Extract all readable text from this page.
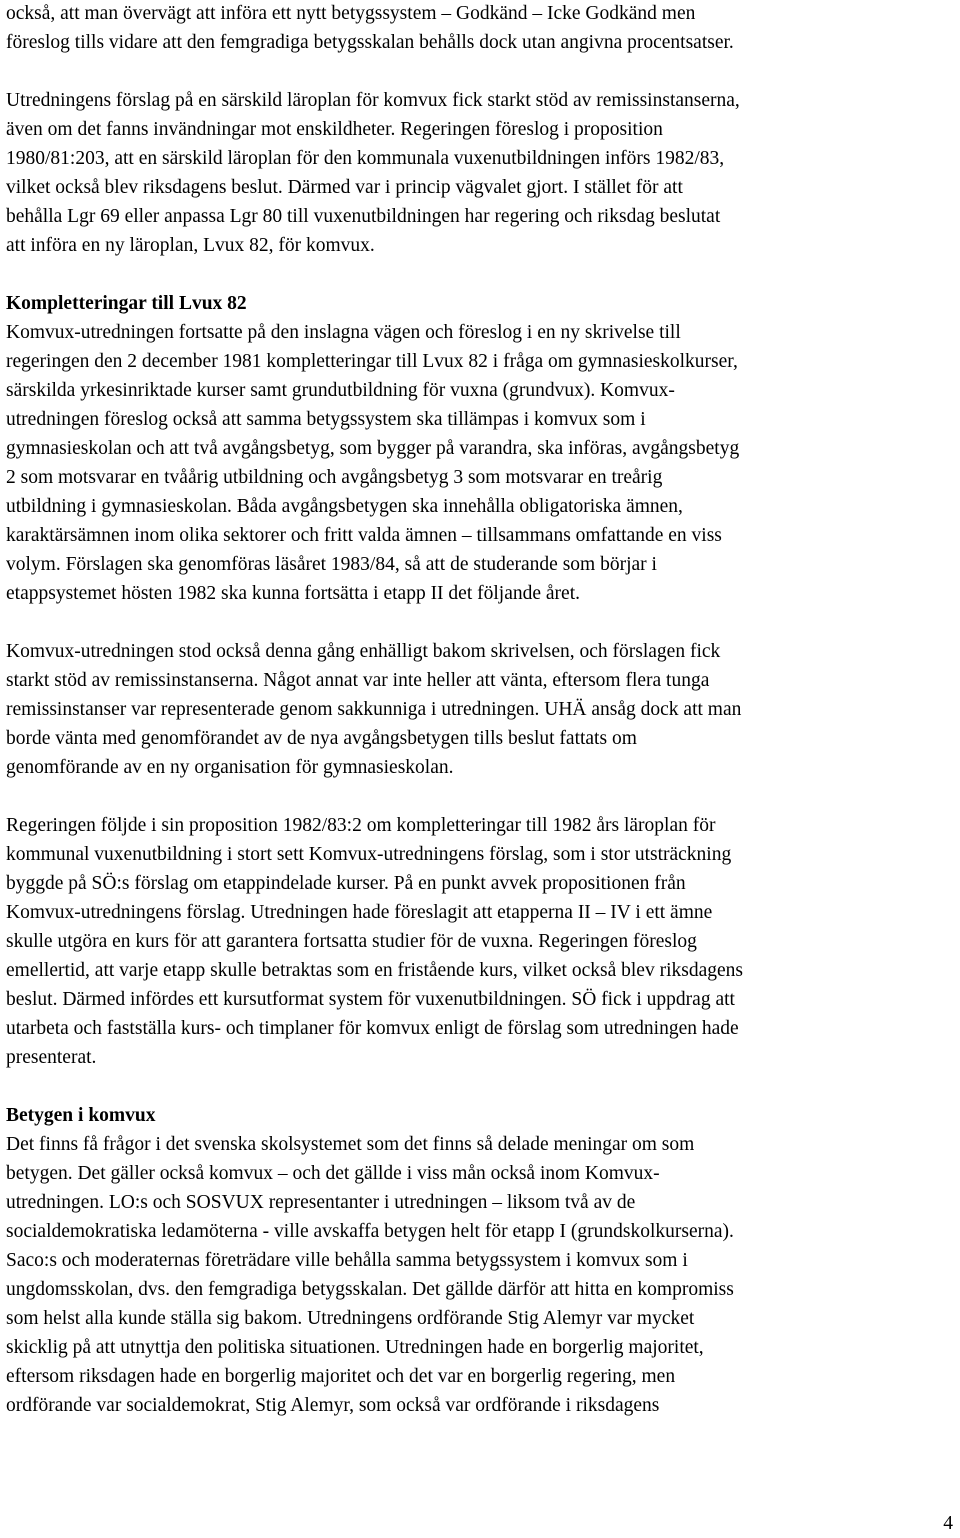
också, att man övervägt att införa ett nytt betygssystem – Godkänd – Icke Godkänd men
föreslog tills vidare att den femgradiga betygsskalan behålls dock utan angivna procentsatser.

Utredningens förslag på en särskild läroplan för komvux fick starkt stöd av remissinstanserna,
även om det fanns invändningar mot enskildheter. Regeringen föreslog i proposition
1980/81:203, att en särskild läroplan för den kommunala vuxenutbildningen införs 1982/83,
vilket också blev riksdagens beslut. Därmed var i princip vägvalet gjort. I stället för att
behålla Lgr 69 eller anpassa Lgr 80 till vuxenutbildningen har regering och riksdag beslutat
att införa en ny läroplan, Lvux 82, för komvux.

Kompletteringar till Lvux 82

Komvux-utredningen fortsatte på den inslagna vägen och föreslog i en ny skrivelse till
regeringen den 2 december 1981 kompletteringar till Lvux 82 i fråga om gymnasieskolkurser,
särskilda yrkesinriktade kurser samt grundutbildning för vuxna (grundvux). Komvux-
utredningen föreslog också att samma betygssystem ska tillämpas i komvux som i
gymnasieskolan och att två avgångsbetyg, som bygger på varandra, ska införas, avgångsbetyg
2 som motsvarar en tvåårig utbildning och avgångsbetyg 3 som motsvarar en treårig
utbildning i gymnasieskolan. Båda avgångsbetygen ska innehålla obligatoriska ämnen,
karaktärsämnen inom olika sektorer och fritt valda ämnen – tillsammans omfattande en viss
volym. Förslagen ska genomföras läsåret 1983/84, så att de studerande som börjar i
etappsystemet hösten 1982 ska kunna fortsätta i etapp II det följande året.

Komvux-utredningen stod också denna gång enhälligt bakom skrivelsen, och förslagen fick
starkt stöd av remissinstanserna. Något annat var inte heller att vänta, eftersom flera tunga
remissinstanser var representerade genom sakkunniga i utredningen. UHÄ ansåg dock att man
borde vänta med genomförandet av de nya avgångsbetygen tills beslut fattats om
genomförande av en ny organisation för gymnasieskolan.

Regeringen följde i sin proposition 1982/83:2 om kompletteringar till 1982 års läroplan för
kommunal vuxenutbildning i stort sett Komvux-utredningens förslag, som i stor utsträckning
byggde på SÖ:s förslag om etappindelade kurser. På en punkt avvek propositionen från
Komvux-utredningens förslag. Utredningen hade föreslagit att etapperna II – IV i ett ämne
skulle utgöra en kurs för att garantera fortsatta studier för de vuxna. Regeringen föreslog
emellertid, att varje etapp skulle betraktas som en fristående kurs, vilket också blev riksdagens
beslut. Därmed infördes ett kursutformat system för vuxenutbildningen. SÖ fick i uppdrag att
utarbeta och fastställa kurs- och timplaner för komvux enligt de förslag som utredningen hade
presenterat.

Betygen i komvux

Det finns få frågor i det svenska skolsystemet som det finns så delade meningar om som
betygen. Det gäller också komvux – och det gällde i viss mån också inom Komvux-
utredningen. LO:s och SOSVUX representanter i utredningen – liksom två av de
socialdemokratiska ledamöterna - ville avskaffa betygen helt för etapp I (grundskolkurserna).
Saco:s och moderaternas företrädare ville behålla samma betygssystem i komvux som i
ungdomsskolan, dvs. den femgradiga betygsskalan. Det gällde därför att hitta en kompromiss
som helst alla kunde ställa sig bakom. Utredningens ordförande Stig Alemyr var mycket
skicklig på att utnyttja den politiska situationen. Utredningen hade en borgerlig majoritet,
eftersom riksdagen hade en borgerlig majoritet och det var en borgerlig regering, men
ordförande var socialdemokrat, Stig Alemyr, som också var ordförande i riksdagens

4
